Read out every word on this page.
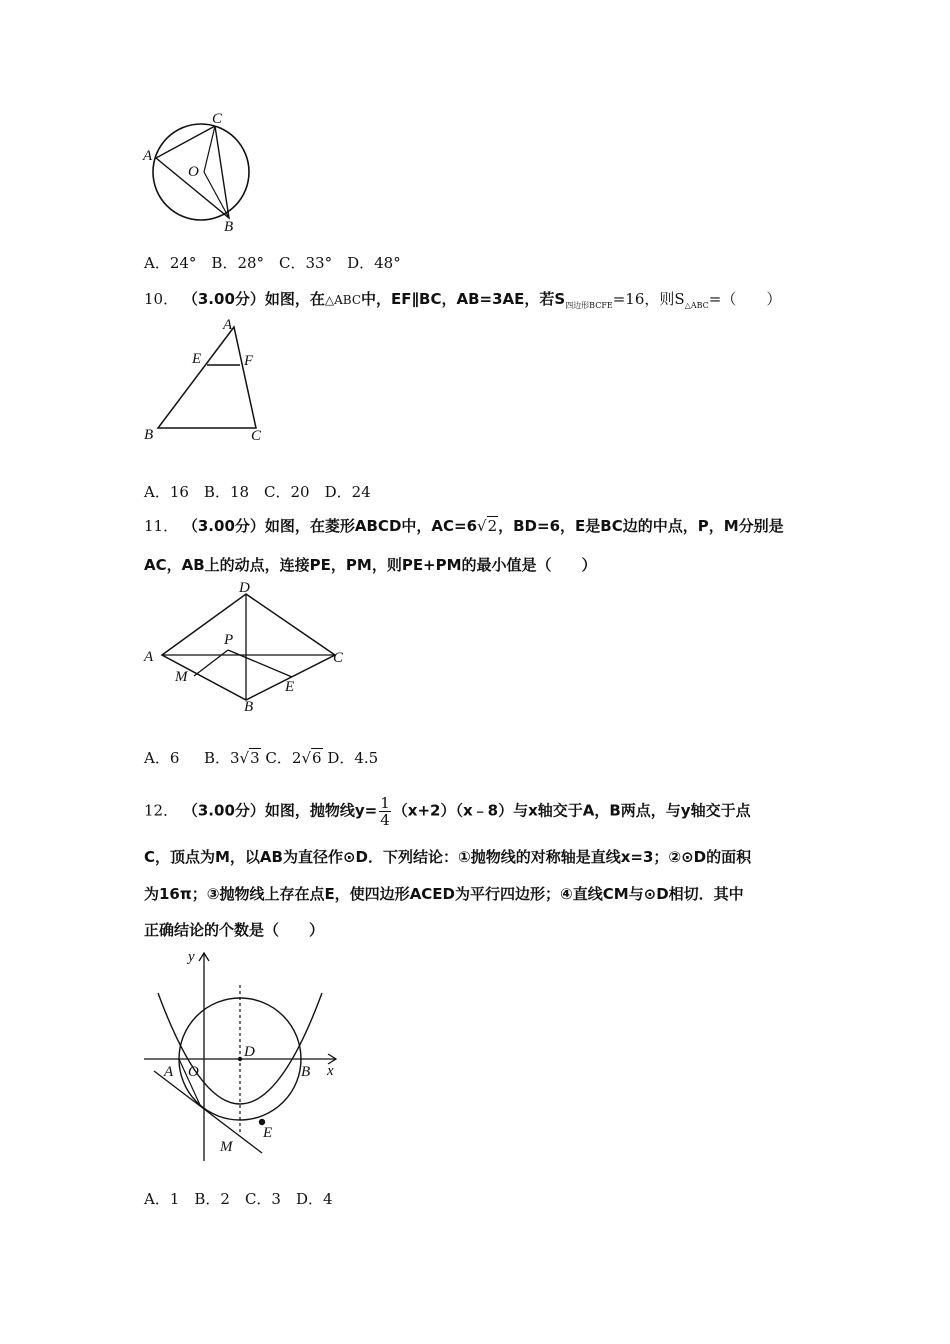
C
A
O
B
A．24°　B．28°　C．33°　D．48°
10． （3.00分）如图，在△ABC中，EF∥BC，AB=3AE，若$S_{四边形BCFE}=16$，则$S_{\triangle ABC}=$（　　）
A
E	F
B	C
A．16　B．18　C．20　D．24
11． （3.00分）如图，在菱形ABCD中，AC=6√2，BD=6，E是BC边的中点，P，M分别是
AC，AB上的动点，连接PE，PM，则PE+PM的最小值是（　　）
D
P
A	C
M
E
B
A．6　 B．3√3 C．2√6 D．4.5
12． （3.00分）如图，抛物线$y= \frac{1}{4}$ （x+2）（x﹣8）与x轴交于A，B两点，与y轴交于点
C，顶点为M，以AB为直径作⊙D．下列结论：①抛物线的对称轴是直线x=3；②⊙D的面积
为16π；③抛物线上存在点E，使四边形ACED为平行四边形；④直线CM与⊙D相切．其中
正确结论的个数是（　　）
y
x
D
A O	B
E
M
A．1　B．2　C．3　D．4
